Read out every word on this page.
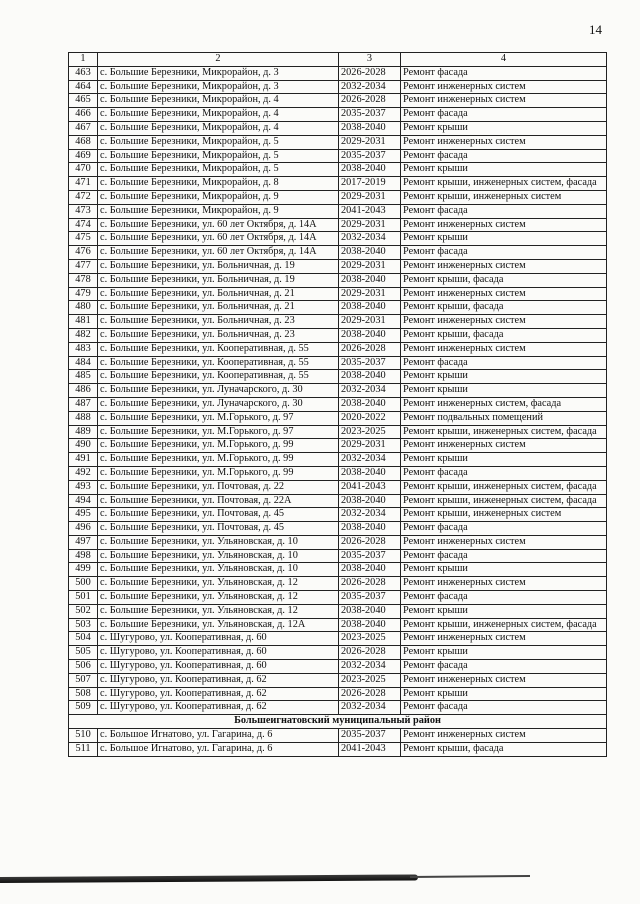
14
1	2	3	4
463	с. Большие Березники, Микрорайон, д. 3	2026-2028	Ремонт фасада
464	с. Большие Березники, Микрорайон, д. 3	2032-2034	Ремонт инженерных систем
465	с. Большие Березники, Микрорайон, д. 4	2026-2028	Ремонт инженерных систем
466	с. Большие Березники, Микрорайон, д. 4	2035-2037	Ремонт фасада
467	с. Большие Березники, Микрорайон, д. 4	2038-2040	Ремонт крыши
468	с. Большие Березники, Микрорайон, д. 5	2029-2031	Ремонт инженерных систем
469	с. Большие Березники, Микрорайон, д. 5	2035-2037	Ремонт фасада
470	с. Большие Березники, Микрорайон, д. 5	2038-2040	Ремонт крыши
471	с. Большие Березники, Микрорайон, д. 8	2017-2019	Ремонт крыши, инженерных систем, фасада
472	с. Большие Березники, Микрорайон, д. 9	2029-2031	Ремонт крыши, инженерных систем
473	с. Большие Березники, Микрорайон, д. 9	2041-2043	Ремонт фасада
474	с. Большие Березники, ул. 60 лет Октября, д. 14А	2029-2031	Ремонт инженерных систем
475	с. Большие Березники, ул. 60 лет Октября, д. 14А	2032-2034	Ремонт крыши
476	с. Большие Березники, ул. 60 лет Октября, д. 14А	2038-2040	Ремонт фасада
477	с. Большие Березники, ул. Больничная, д. 19	2029-2031	Ремонт инженерных систем
478	с. Большие Березники, ул. Больничная, д. 19	2038-2040	Ремонт крыши, фасада
479	с. Большие Березники, ул. Больничная, д. 21	2029-2031	Ремонт инженерных систем
480	с. Большие Березники, ул. Больничная, д. 21	2038-2040	Ремонт крыши, фасада
481	с. Большие Березники, ул. Больничная, д. 23	2029-2031	Ремонт инженерных систем
482	с. Большие Березники, ул. Больничная, д. 23	2038-2040	Ремонт крыши, фасада
483	с. Большие Березники, ул. Кооперативная, д. 55	2026-2028	Ремонт инженерных систем
484	с. Большие Березники, ул. Кооперативная, д. 55	2035-2037	Ремонт фасада
485	с. Большие Березники, ул. Кооперативная, д. 55	2038-2040	Ремонт крыши
486	с. Большие Березники, ул. Луначарского, д. 30	2032-2034	Ремонт крыши
487	с. Большие Березники, ул. Луначарского, д. 30	2038-2040	Ремонт инженерных систем, фасада
488	с. Большие Березники, ул. М.Горького, д. 97	2020-2022	Ремонт подвальных помещений
489	с. Большие Березники, ул. М.Горького, д. 97	2023-2025	Ремонт крыши, инженерных систем, фасада
490	с. Большие Березники, ул. М.Горького, д. 99	2029-2031	Ремонт инженерных систем
491	с. Большие Березники, ул. М.Горького, д. 99	2032-2034	Ремонт крыши
492	с. Большие Березники, ул. М.Горького, д. 99	2038-2040	Ремонт фасада
493	с. Большие Березники, ул. Почтовая, д. 22	2041-2043	Ремонт крыши, инженерных систем, фасада
494	с. Большие Березники, ул. Почтовая, д. 22А	2038-2040	Ремонт крыши, инженерных систем, фасада
495	с. Большие Березники, ул. Почтовая, д. 45	2032-2034	Ремонт крыши, инженерных систем
496	с. Большие Березники, ул. Почтовая, д. 45	2038-2040	Ремонт фасада
497	с. Большие Березники, ул. Ульяновская, д. 10	2026-2028	Ремонт инженерных систем
498	с. Большие Березники, ул. Ульяновская, д. 10	2035-2037	Ремонт фасада
499	с. Большие Березники, ул. Ульяновская, д. 10	2038-2040	Ремонт крыши
500	с. Большие Березники, ул. Ульяновская, д. 12	2026-2028	Ремонт инженерных систем
501	с. Большие Березники, ул. Ульяновская, д. 12	2035-2037	Ремонт фасада
502	с. Большие Березники, ул. Ульяновская, д. 12	2038-2040	Ремонт крыши
503	с. Большие Березники, ул. Ульяновская, д. 12А	2038-2040	Ремонт крыши, инженерных систем, фасада
504	с. Шугурово, ул. Кооперативная, д. 60	2023-2025	Ремонт инженерных систем
505	с. Шугурово, ул. Кооперативная, д. 60	2026-2028	Ремонт крыши
506	с. Шугурово, ул. Кооперативная, д. 60	2032-2034	Ремонт фасада
507	с. Шугурово, ул. Кооперативная, д. 62	2023-2025	Ремонт инженерных систем
508	с. Шугурово, ул. Кооперативная, д. 62	2026-2028	Ремонт крыши
509	с. Шугурово, ул. Кооперативная, д. 62	2032-2034	Ремонт фасада
Большеигнатовский муниципальный район			
510	с. Большое Игнатово, ул. Гагарина, д. 6	2035-2037	Ремонт инженерных систем
511	с. Большое Игнатово, ул. Гагарина, д. 6	2041-2043	Ремонт крыши, фасада
